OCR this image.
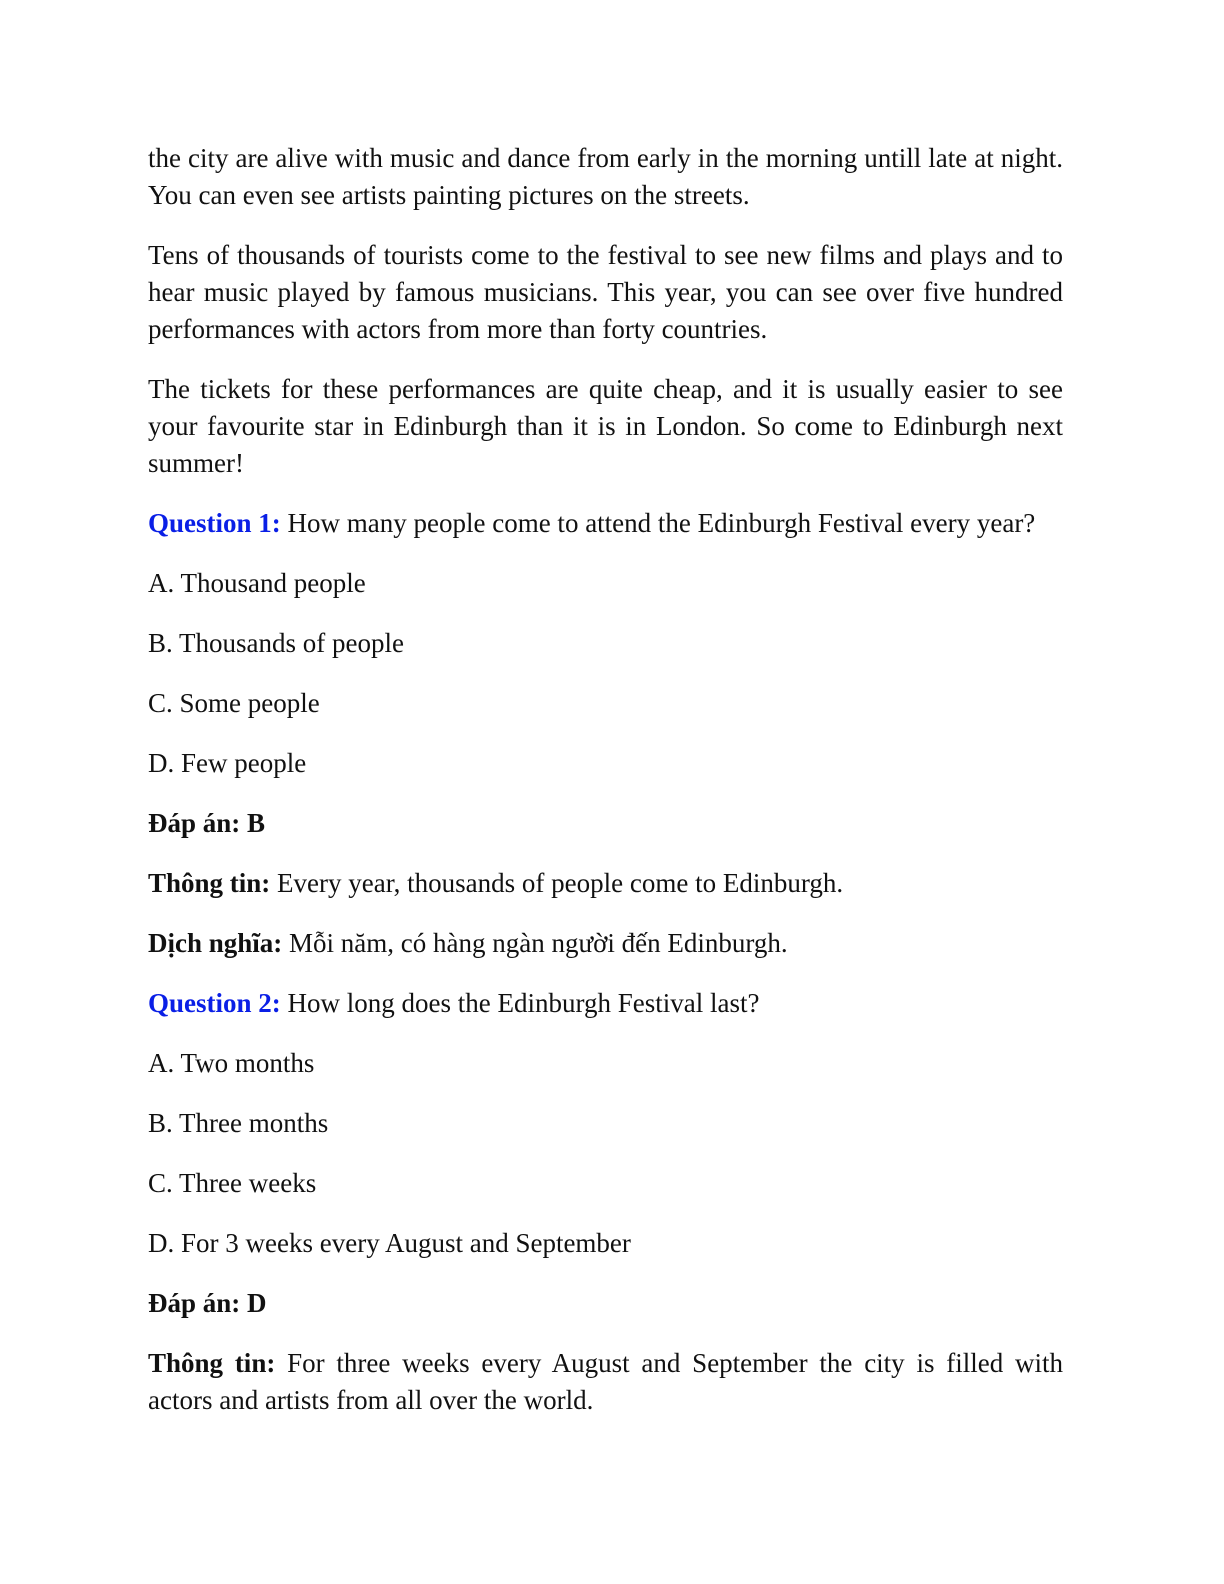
the city are alive with music and dance from early in the morning untill late at night. You can even see artists painting pictures on the streets.

Tens of thousands of tourists come to the festival to see new films and plays and to hear music played by famous musicians. This year, you can see over five hundred performances with actors from more than forty countries.

The tickets for these performances are quite cheap, and it is usually easier to see your favourite star in Edinburgh than it is in London. So come to Edinburgh next summer!

Question 1: How many people come to attend the Edinburgh Festival every year?

A. Thousand people

B. Thousands of people

C. Some people

D. Few people

Đáp án: B

Thông tin: Every year, thousands of people come to Edinburgh.

Dịch nghĩa: Mỗi năm, có hàng ngàn người đến Edinburgh.

Question 2: How long does the Edinburgh Festival last?

A. Two months

B. Three months

C. Three weeks

D. For 3 weeks every August and September

Đáp án: D

Thông tin: For three weeks every August and September the city is filled with actors and artists from all over the world.
